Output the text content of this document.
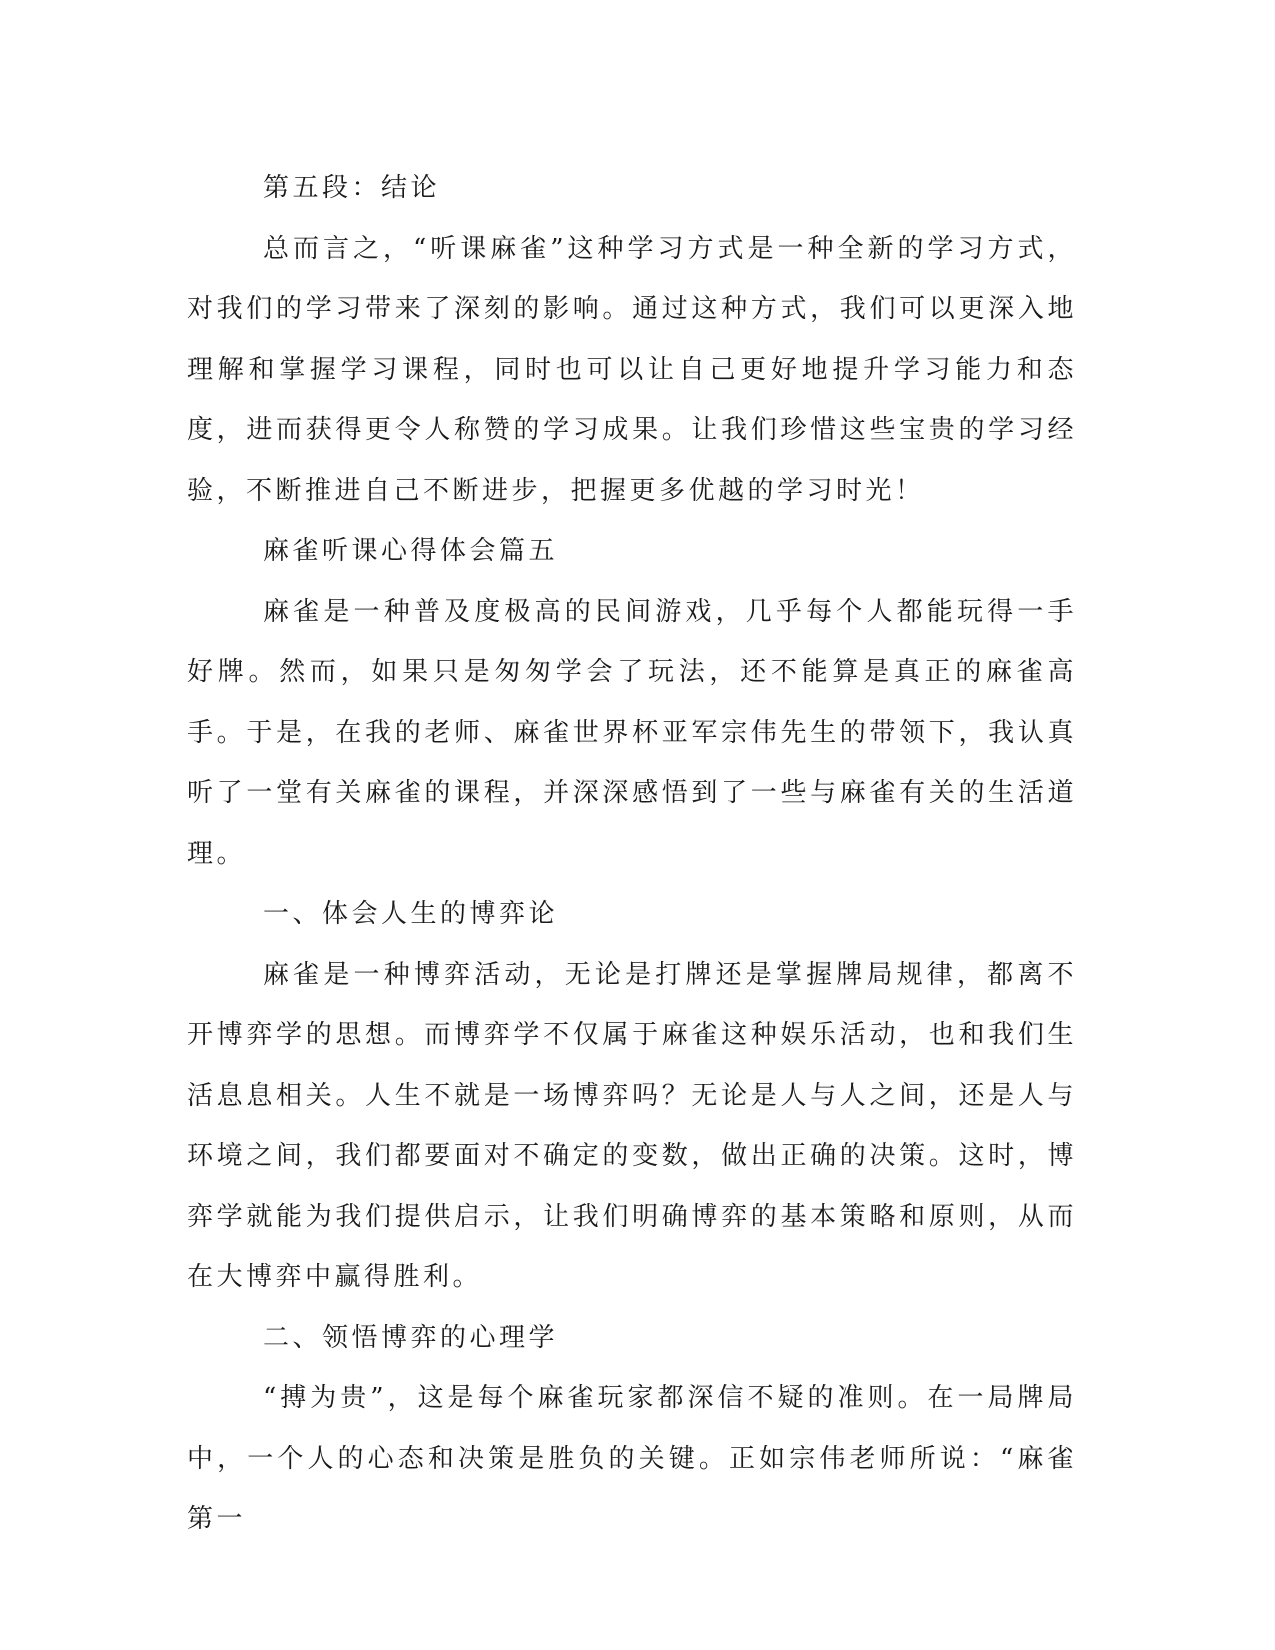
第五段：结论

总而言之，“听课麻雀”这种学习方式是一种全新的学习方式，对我们的学习带来了深刻的影响。通过这种方式，我们可以更深入地理解和掌握学习课程，同时也可以让自己更好地提升学习能力和态度，进而获得更令人称赞的学习成果。让我们珍惜这些宝贵的学习经验，不断推进自己不断进步，把握更多优越的学习时光！

麻雀听课心得体会篇五

麻雀是一种普及度极高的民间游戏，几乎每个人都能玩得一手好牌。然而，如果只是匆匆学会了玩法，还不能算是真正的麻雀高手。于是，在我的老师、麻雀世界杯亚军宗伟先生的带领下，我认真听了一堂有关麻雀的课程，并深深感悟到了一些与麻雀有关的生活道理。

一、体会人生的博弈论

麻雀是一种博弈活动，无论是打牌还是掌握牌局规律，都离不开博弈学的思想。而博弈学不仅属于麻雀这种娱乐活动，也和我们生活息息相关。人生不就是一场博弈吗？无论是人与人之间，还是人与环境之间，我们都要面对不确定的变数，做出正确的决策。这时，博弈学就能为我们提供启示，让我们明确博弈的基本策略和原则，从而在大博弈中赢得胜利。

二、领悟博弈的心理学

“搏为贵”，这是每个麻雀玩家都深信不疑的准则。在一局牌局中，一个人的心态和决策是胜负的关键。正如宗伟老师所说：“麻雀第一
